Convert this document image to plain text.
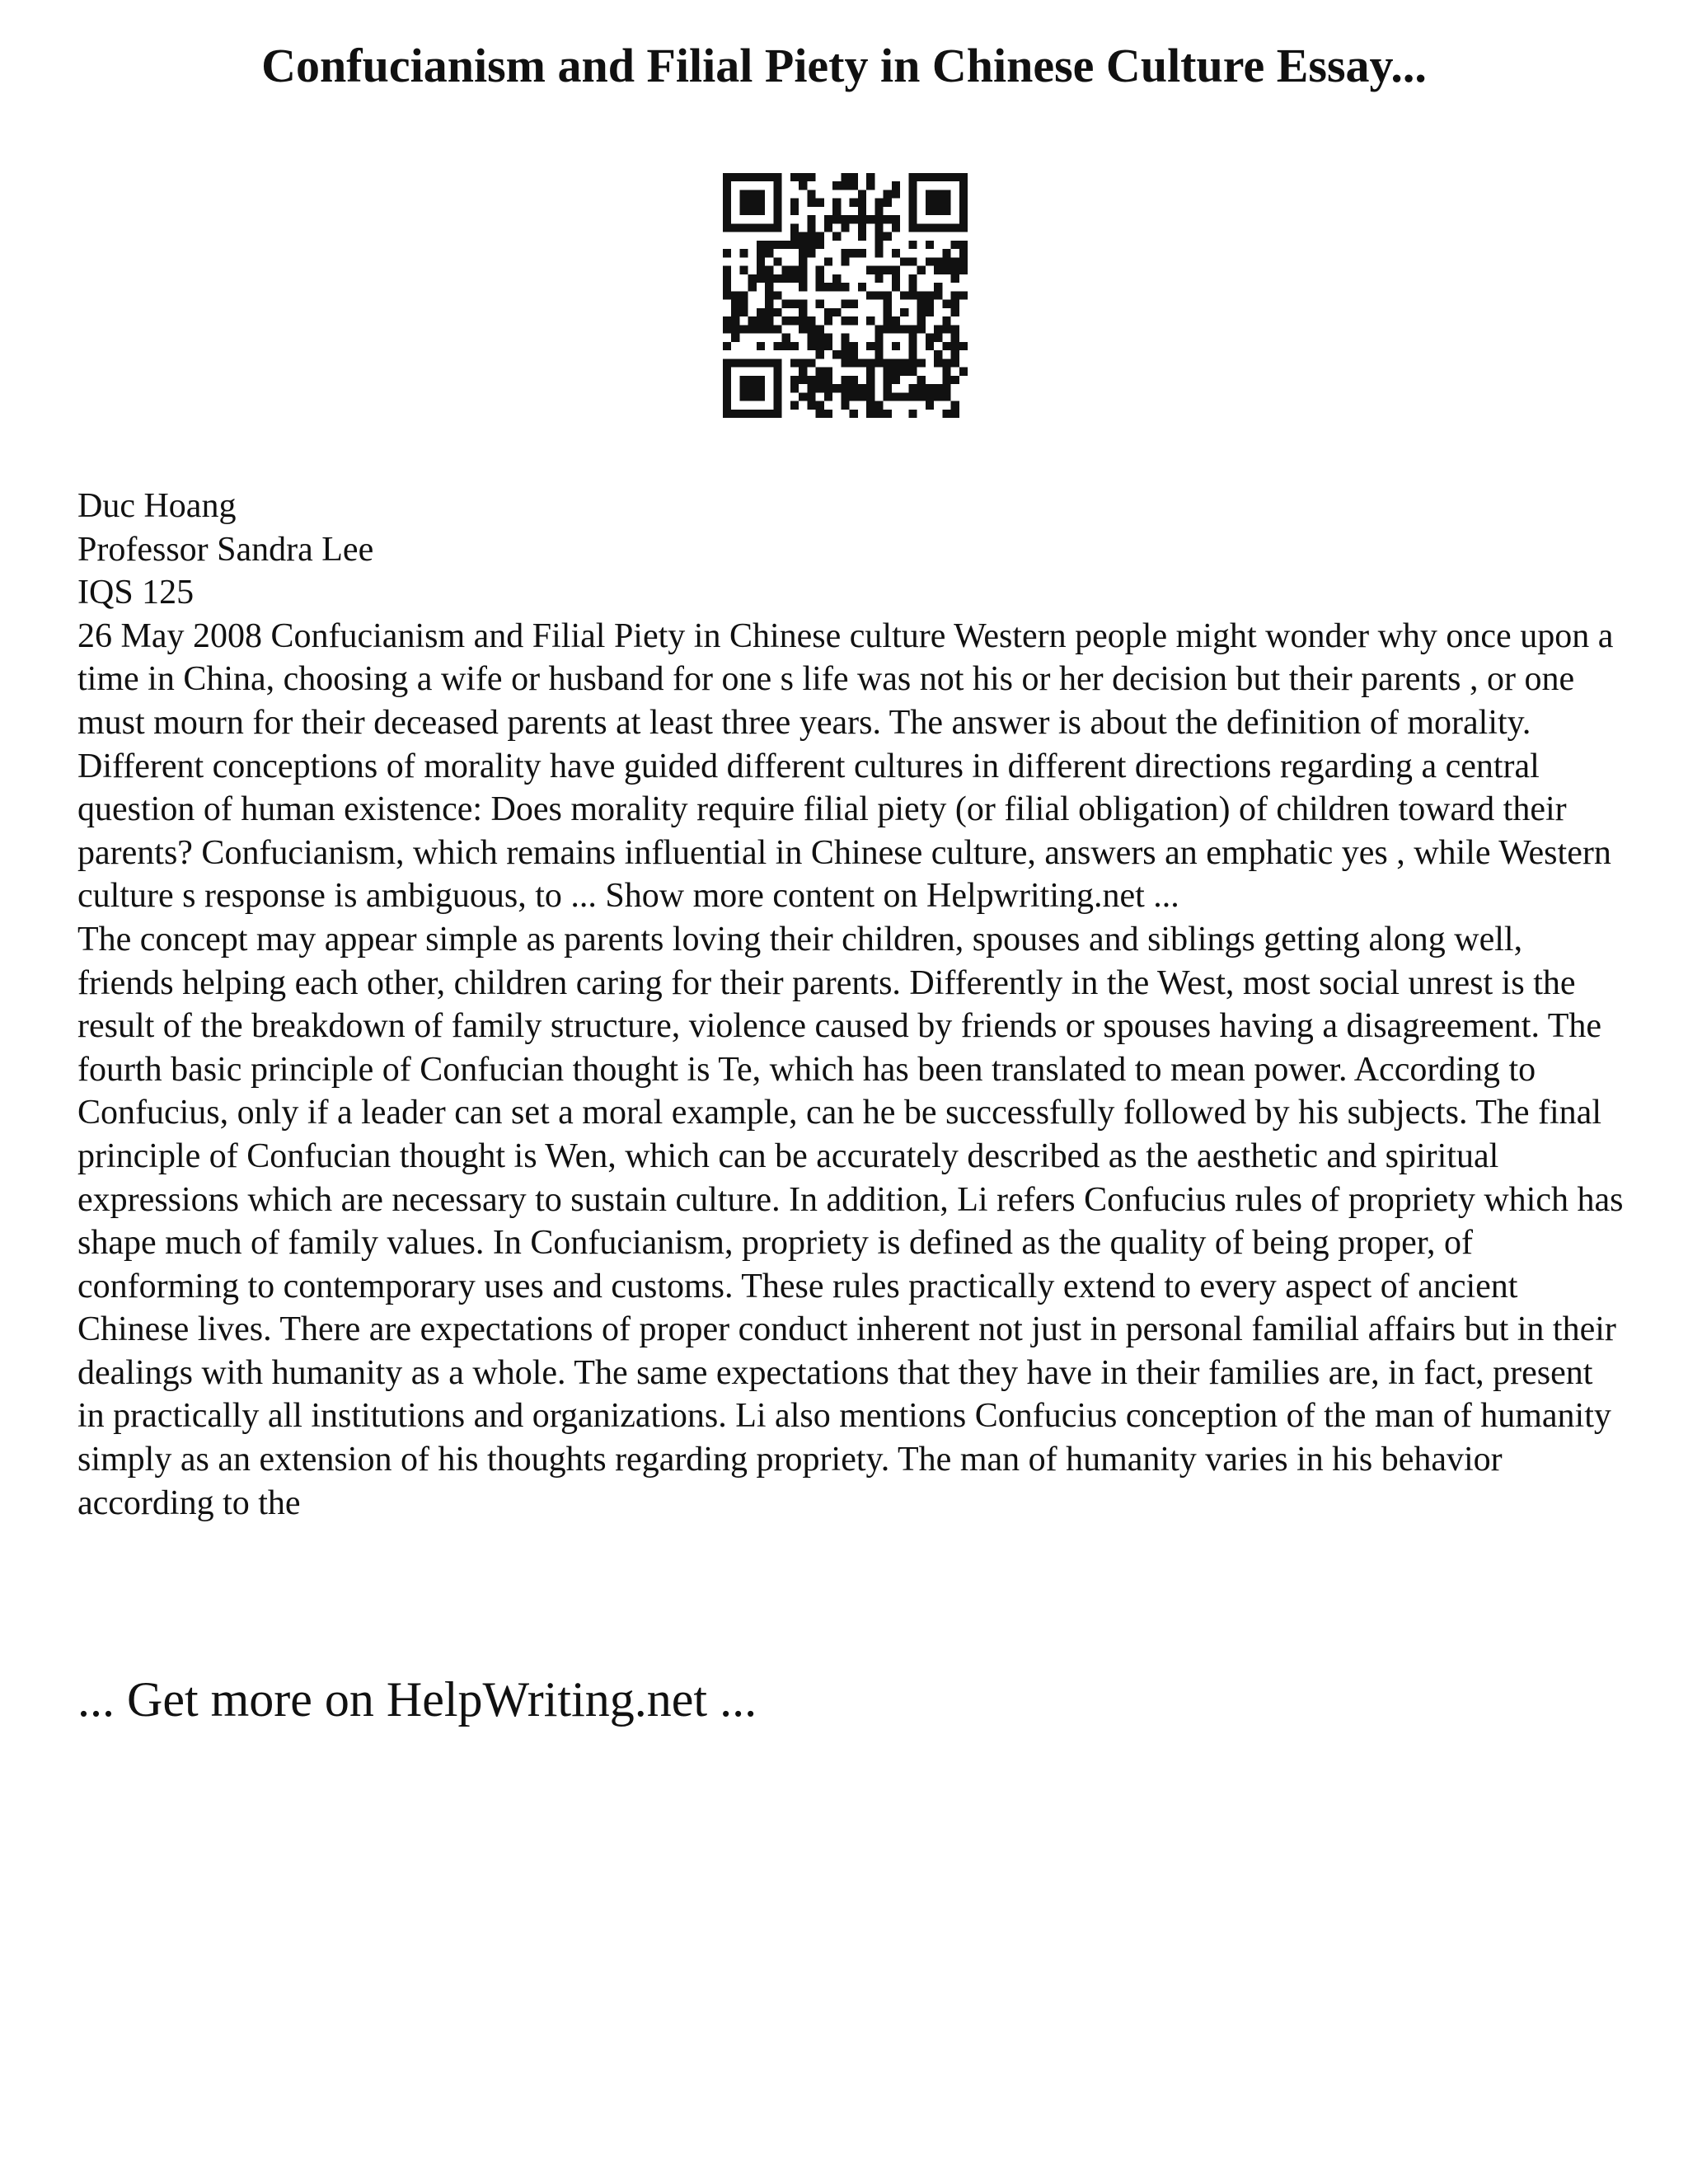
Confucianism and Filial Piety in Chinese Culture Essay...
Duc Hoang
Professor Sandra Lee
IQS 125

26 May 2008 Confucianism and Filial Piety in Chinese culture Western people might wonder why once upon a time in China, choosing a wife or husband for one s life was not his or her decision but their parents , or one must mourn for their deceased parents at least three years. The answer is about the definition of morality. Different conceptions of morality have guided different cultures in different directions regarding a central question of human existence: Does morality require filial piety (or filial obligation) of children toward their parents? Confucianism, which remains influential in Chinese culture, answers an emphatic yes , while Western culture s response is ambiguous, to ... Show more content on Helpwriting.net ...

The concept may appear simple as parents loving their children, spouses and siblings getting along well, friends helping each other, children caring for their parents. Differently in the West, most social unrest is the result of the breakdown of family structure, violence caused by friends or spouses having a disagreement. The fourth basic principle of Confucian thought is Te, which has been translated to mean power. According to Confucius, only if a leader can set a moral example, can he be successfully followed by his subjects. The final principle of Confucian thought is Wen, which can be accurately described as the aesthetic and spiritual expressions which are necessary to sustain culture. In addition, Li refers Confucius rules of propriety which has shape much of family values. In Confucianism, propriety is defined as the quality of being proper, of conforming to contemporary uses and customs. These rules practically extend to every aspect of ancient Chinese lives. There are expectations of proper conduct inherent not just in personal familial affairs but in their dealings with humanity as a whole. The same expectations that they have in their families are, in fact, present in practically all institutions and organizations. Li also mentions Confucius conception of the man of humanity simply as an extension of his thoughts regarding propriety. The man of humanity varies in his behavior according to the

... Get more on HelpWriting.net ...
